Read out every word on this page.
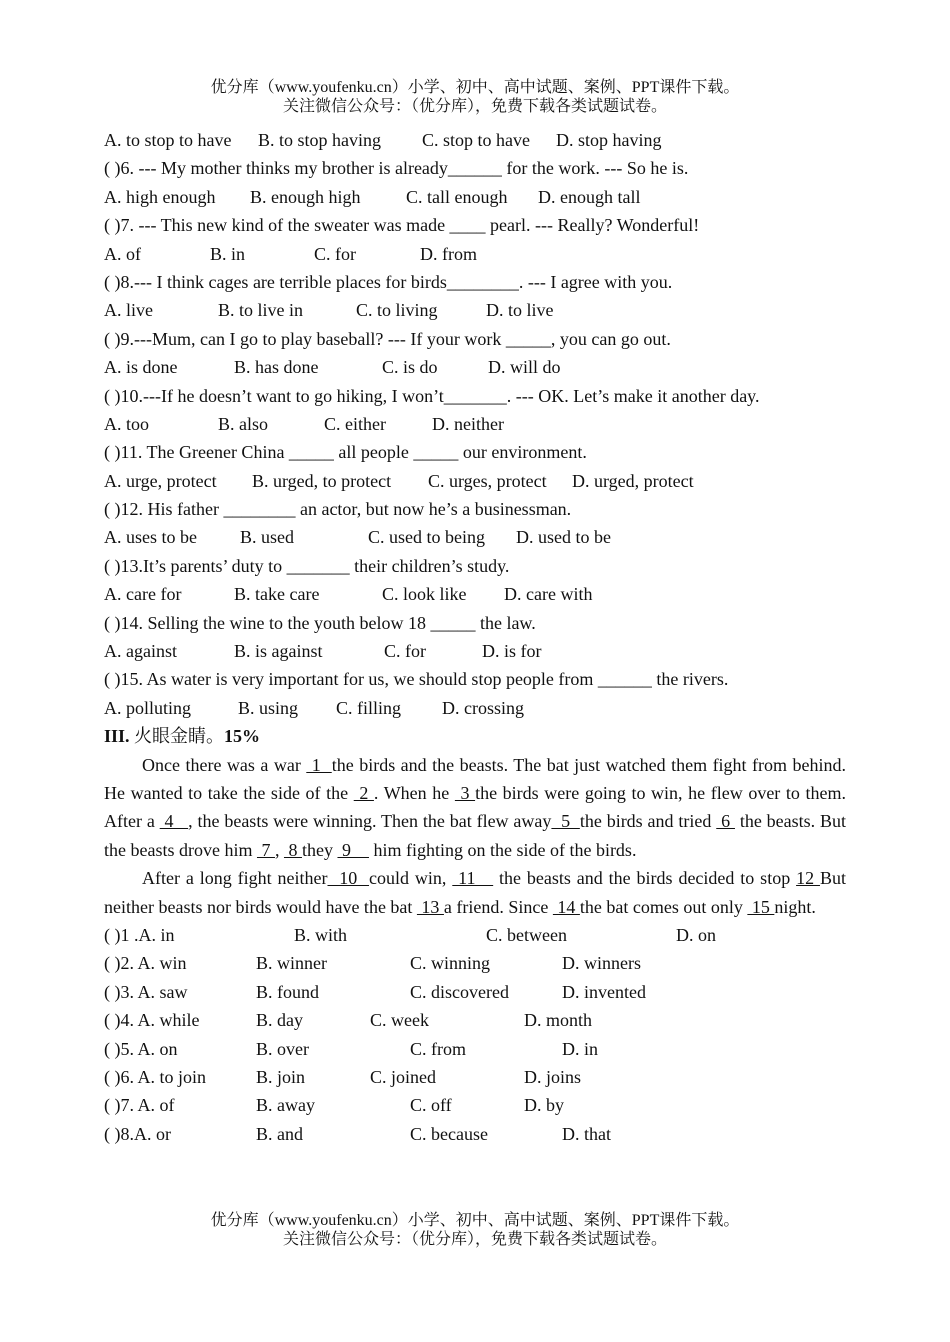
优分库（www.youfenku.cn）小学、初中、高中试题、案例、PPT课件下载。
关注微信公众号：（优分库），免费下载各类试题试卷。
A. to stop to have B. to stop having C. stop to have D. stop having
( )6. --- My mother thinks my brother is already______ for the work. --- So he is.
A. high enough B. enough high	C. tall enough D. enough tall
( )7. --- This new kind of the sweater was made ____ pearl. --- Really? Wonderful!
A. of	B. in	C. for	D. from
( )8.--- I think cages are terrible places for birds________. --- I agree with you.
A. live	B. to live in	C. to living	D. to live
( )9.---Mum, can I go to play baseball? --- If your work _____, you can go out.
A. is done	B. has done	C. is do	D. will do
( )10.---If he doesn’t want to go hiking, I won’t_______. --- OK. Let’s make it another day.
A. too	B. also	C. either	D. neither
( )11. The Greener China _____ all people _____ our environment.
A. urge, protect B. urged, to protect C. urges, protect D. urged, protect
( )12. His father ________ an actor, but now he’s a businessman.
A. uses to be B. used	C. used to being D. used to be
( )13.It’s parents’ duty to _______ their children’s study.
A. care for	B. take care	C. look like D. care with
( )14. Selling the wine to the youth below 18 _____ the law.
A. against	B. is against	C. for	D. is for
( )15. As water is very important for us, we should stop people from ______ the rivers.
A. polluting	B. using C. filling D. crossing
III. 火眼金睛。15%

Once there was a war  1  the birds and the beasts. The bat just watched them fight from behind. He wanted to take the side of the  2 . When he  3 the birds were going to win, he flew over to them. After a  4   , the beasts were winning. Then the bat flew away  5  the birds and tried  6  the beasts. But the beasts drove him  7 ,  8 they  9     him fighting on the side of the birds.

After a long fight neither  10  could win,  11    the beasts and the birds decided to stop 12 But neither beasts nor birds would have the bat  13 a friend. Since  14 the bat comes out only  15 night.

( )1 .A. in	B. with	C. between	D. on
( )2. A. win	B. winner	C. winning	D. winners
( )3. A. saw	B. found	C. discovered	D. invented
( )4. A. while	B. day	C. week	D. month
( )5. A. on	B. over	C. from	D. in
( )6. A. to join	B. join	C. joined	D. joins
( )7. A. of	B. away	C. off	D. by
( )8.A. or	B. and	C. because	D. that
优分库（www.youfenku.cn）小学、初中、高中试题、案例、PPT课件下载。
关注微信公众号：（优分库），免费下载各类试题试卷。
